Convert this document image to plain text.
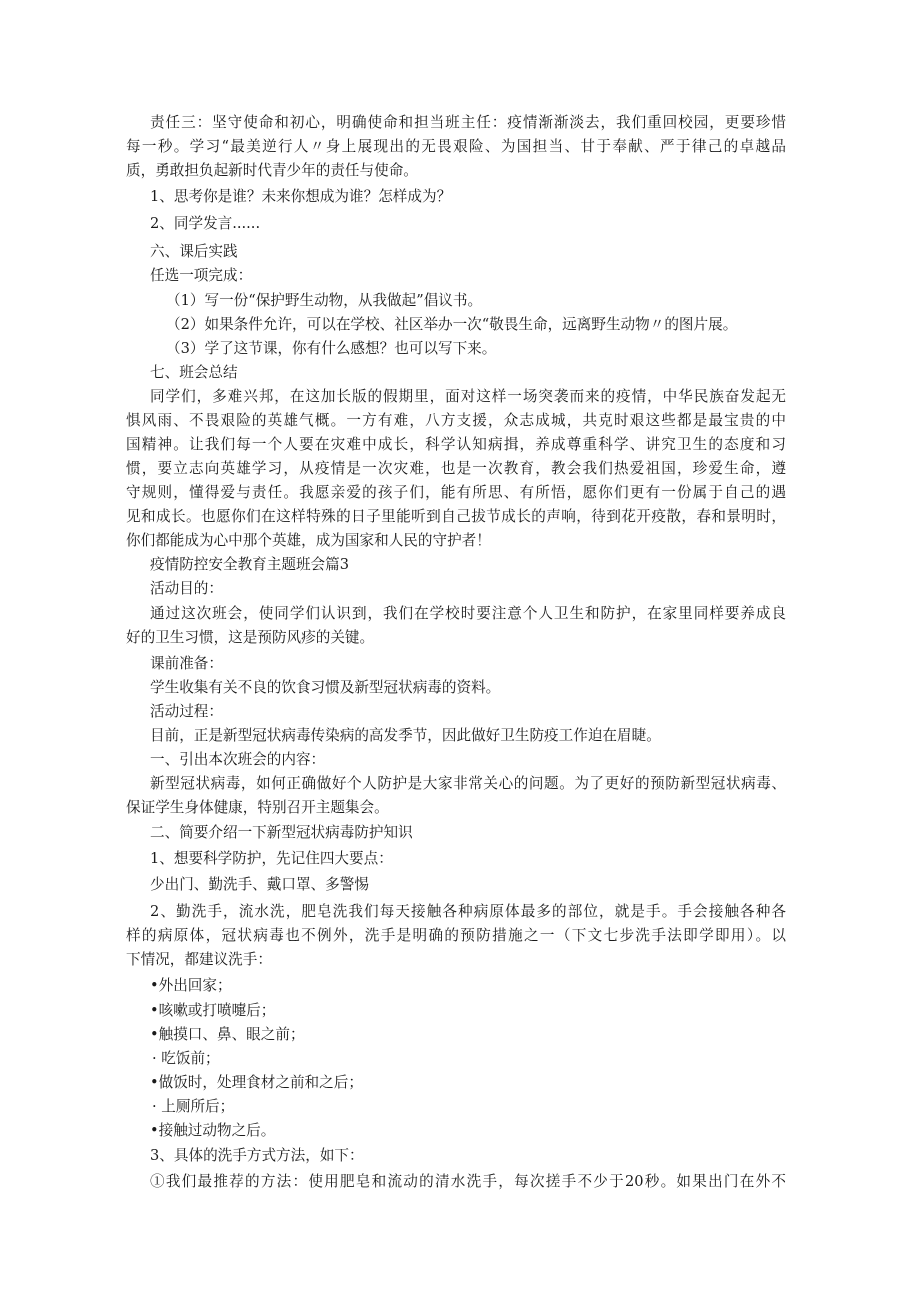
责任三：坚守使命和初心，明确使命和担当班主任：疫情渐渐淡去，我们重回校园，更要珍惜
每一秒。学习“最美逆行人〃身上展现出的无畏艰险、为国担当、甘于奉献、严于律己的卓越品
质，勇敢担负起新时代青少年的责任与使命。
1、思考你是谁？未来你想成为谁？怎样成为？
2、同学发言......
六、课后实践
任选一项完成：
（1）写一份“保护野生动物，从我做起”倡议书。
（2）如果条件允许，可以在学校、社区举办一次“敬畏生命，远离野生动物〃的图片展。
（3）学了这节课，你有什么感想？也可以写下来。
七、班会总结
同学们，多难兴邦，在这加长版的假期里，面对这样一场突袭而来的疫情，中华民族奋发起无
惧风雨、不畏艰险的英雄气概。一方有难，八方支援，众志成城，共克时艰这些都是最宝贵的中
国精神。让我们每一个人要在灾难中成长，科学认知病揖，养成尊重科学、讲究卫生的态度和习
惯，要立志向英雄学习，从疫情是一次灾难，也是一次教育，教会我们热爱祖国，珍爱生命，遵
守规则，懂得爱与责任。我愿亲爱的孩子们，能有所思、有所悟，愿你们更有一份属于自己的遇
见和成长。也愿你们在这样特殊的日子里能听到自己拔节成长的声响，待到花开疫散，春和景明时，
你们都能成为心中那个英雄，成为国家和人民的守护者！
疫情防控安全教育主题班会篇3
活动目的：
通过这次班会，使同学们认识到，我们在学校时要注意个人卫生和防护，在家里同样要养成良
好的卫生习惯，这是预防风疹的关键。
课前准备：
学生收集有关不良的饮食习惯及新型冠状病毒的资料。
活动过程：
目前，正是新型冠状病毒传染病的高发季节，因此做好卫生防疫工作迫在眉睫。
一、引出本次班会的内容：
新型冠状病毒，如何正确做好个人防护是大家非常关心的问题。为了更好的预防新型冠状病毒、
保证学生身体健康，特别召开主题集会。
二、简要介绍一下新型冠状病毒防护知识
1、想要科学防护，先记住四大要点：
少出门、勤洗手、戴口罩、多警惕
2、勤洗手，流水洗，肥皂洗我们每天接触各种病原体最多的部位，就是手。手会接触各种各
样的病原体，冠状病毒也不例外，洗手是明确的预防措施之一（下文七步洗手法即学即用）。以
下情况，都建议洗手：
•外出回家；
•咳嗽或打喷嚏后；
•触摸口、鼻、眼之前；
· 吃饭前；
•做饭时，处理食材之前和之后；
· 上厕所后；
•接触过动物之后。
3、具体的洗手方式方法，如下：
①我们最推荐的方法：使用肥皂和流动的清水洗手，每次搓手不少于20秒。如果出门在外不
